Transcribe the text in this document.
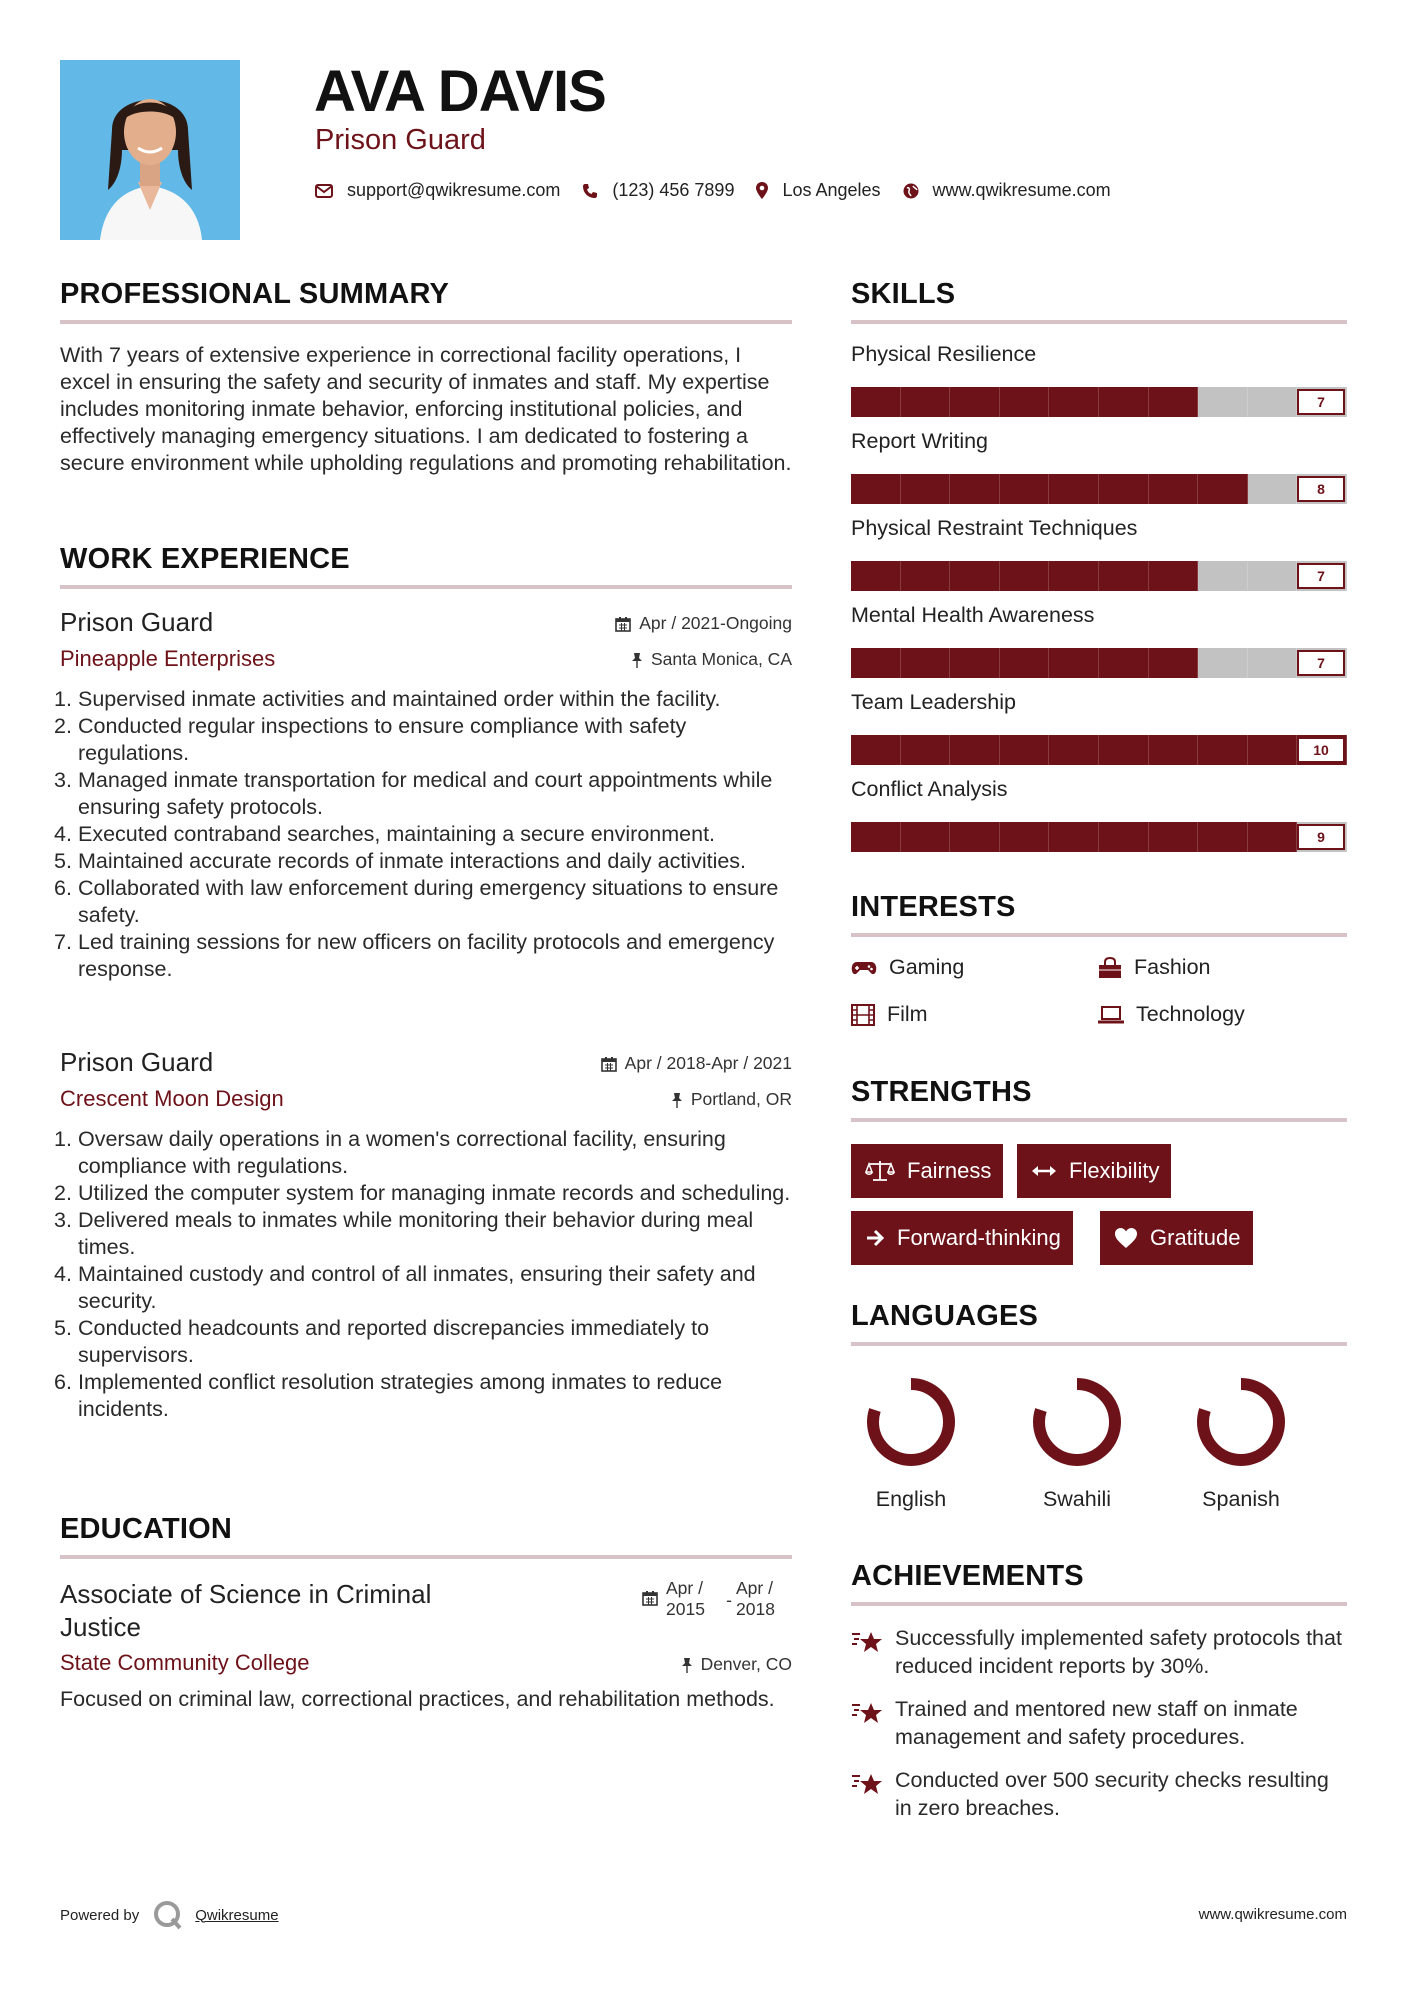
AVA DAVIS
Prison Guard
support@qwikresume.com	(123) 456 7899	Los Angeles	www.qwikresume.com
PROFESSIONAL SUMMARY
With 7 years of extensive experience in correctional facility operations, I excel in ensuring the safety and security of inmates and staff. My expertise includes monitoring inmate behavior, enforcing institutional policies, and effectively managing emergency situations. I am dedicated to fostering a secure environment while upholding regulations and promoting rehabilitation.
WORK EXPERIENCE
Prison Guard
Pineapple Enterprises
Apr / 2021-Ongoing
Santa Monica, CA
1. Supervised inmate activities and maintained order within the facility.
2. Conducted regular inspections to ensure compliance with safety regulations.
3. Managed inmate transportation for medical and court appointments while ensuring safety protocols.
4. Executed contraband searches, maintaining a secure environment.
5. Maintained accurate records of inmate interactions and daily activities.
6. Collaborated with law enforcement during emergency situations to ensure safety.
7. Led training sessions for new officers on facility protocols and emergency response.
Prison Guard
Crescent Moon Design
Apr / 2018-Apr / 2021
Portland, OR
1. Oversaw daily operations in a women's correctional facility, ensuring compliance with regulations.
2. Utilized the computer system for managing inmate records and scheduling.
3. Delivered meals to inmates while monitoring their behavior during meal times.
4. Maintained custody and control of all inmates, ensuring their safety and security.
5. Conducted headcounts and reported discrepancies immediately to supervisors.
6. Implemented conflict resolution strategies among inmates to reduce incidents.
EDUCATION
Associate of Science in Criminal Justice
State Community College
Apr / 2015	-
Apr / 2018
Denver, CO
Focused on criminal law, correctional practices, and rehabilitation methods.
SKILLS
Physical Resilience
7
Report Writing
8
Physical Restraint Techniques
7
Mental Health Awareness
7
Team Leadership
10
Conflict Analysis
9
INTERESTS
Gaming	Fashion
Film	Technology
STRENGTHS
Fairness	Flexibility
Forward-thinking	Gratitude
LANGUAGES
English	Swahili	Spanish
ACHIEVEMENTS
Successfully implemented safety protocols that reduced incident reports by 30%.
Trained and mentored new staff on inmate management and safety procedures.
Conducted over 500 security checks resulting in zero breaches.
Powered by	Qwikresume	www.qwikresume.com
